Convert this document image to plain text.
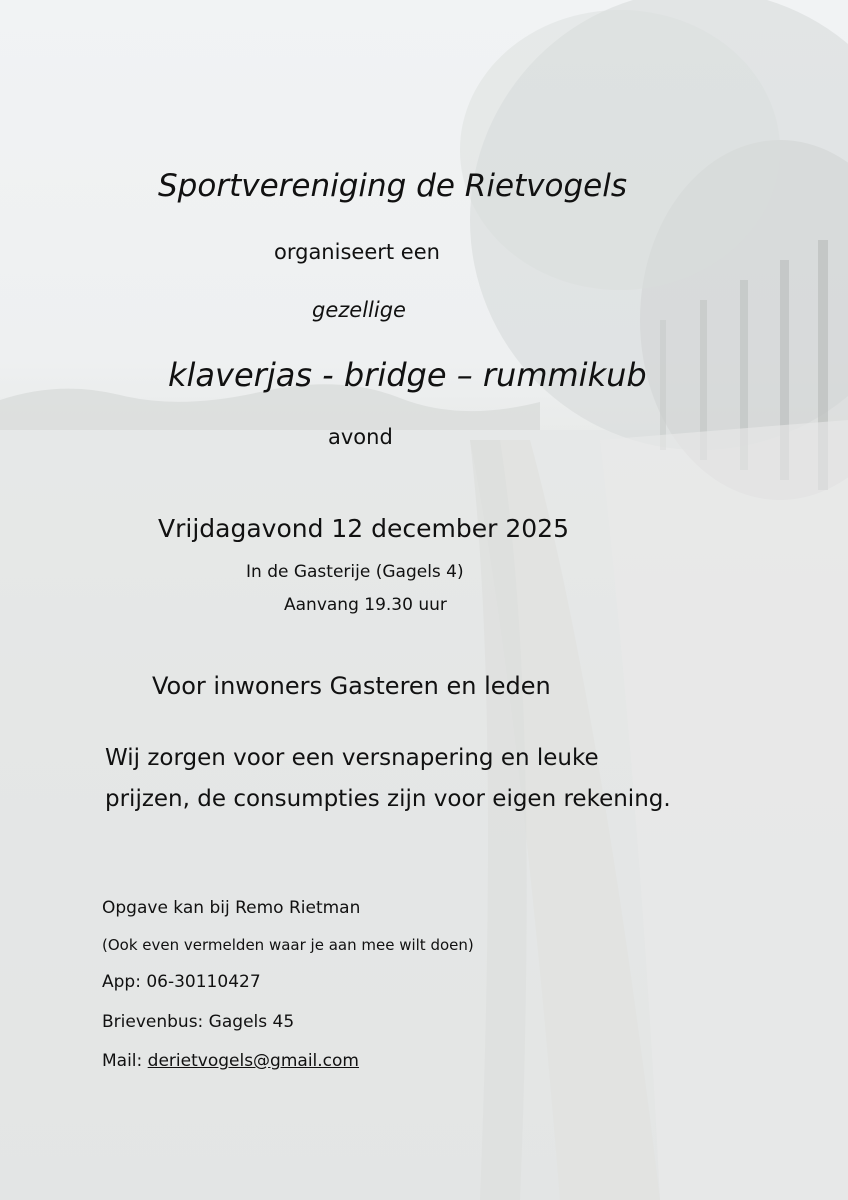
Sportvereniging de Rietvogels

organiseert een

gezellige

klaverjas - bridge – rummikub

avond

Vrijdagavond 12 december 2025

In de Gasterije (Gagels 4)

Aanvang 19.30 uur

Voor inwoners Gasteren en leden

Wij zorgen voor een versnapering en leuke

prijzen, de consumpties zijn voor eigen rekening.

Opgave kan bij Remo Rietman

(Ook even vermelden waar je aan mee wilt doen)

App: 06-30110427

Brievenbus: Gagels 45

Mail: derietvogels@gmail.com
